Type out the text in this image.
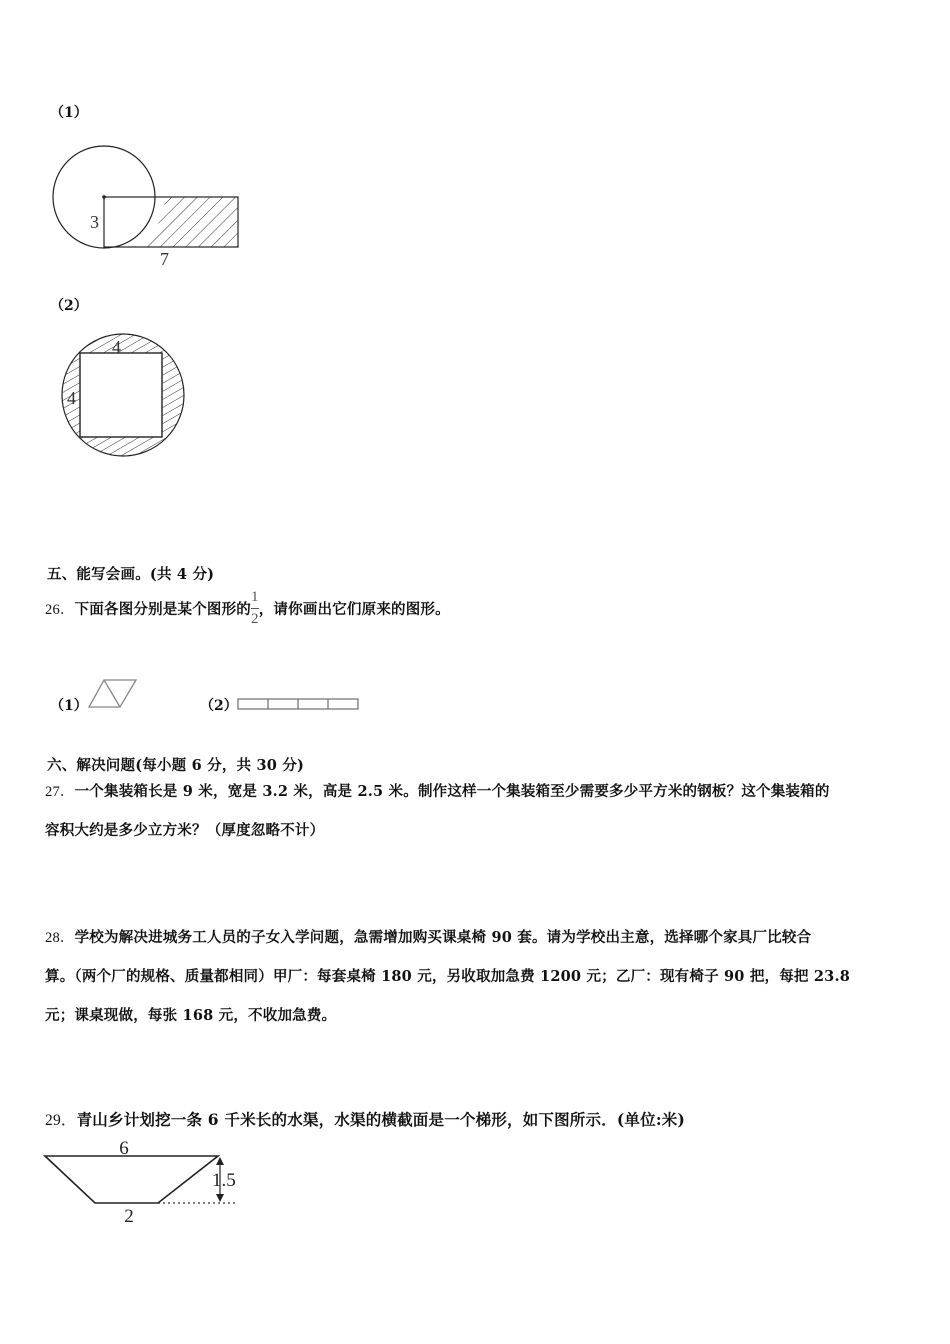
（1）
3
7
（2）
4
4
五、能写会画。(共 4 分)
26． 下面各图分别是某个图形的 $\frac{1}{2}$ ，请你画出它们原来的图形。
（1）	（2）
六、解决问题(每小题 6 分，共 30 分)
27．一个集装箱长是 9 米，宽是 3.2 米，高是 2.5 米。制作这样一个集装箱至少需要多少平方米的钢板？这个集装箱的
容积大约是多少立方米？（厚度忽略不计）
28．学校为解决进城务工人员的子女入学问题，急需增加购买课桌椅 90 套。请为学校出主意，选择哪个家具厂比较合
算。（两个厂的规格、质量都相同）甲厂：每套桌椅 180 元，另收取加急费 1200 元；乙厂：现有椅子 90 把，每把 23.8
元；课桌现做，每张 168 元，不收加急费。
29．青山乡计划挖一条 6 千米长的水渠，水渠的横截面是一个梯形，如下图所示．(单位:米)
6
2
1.5
